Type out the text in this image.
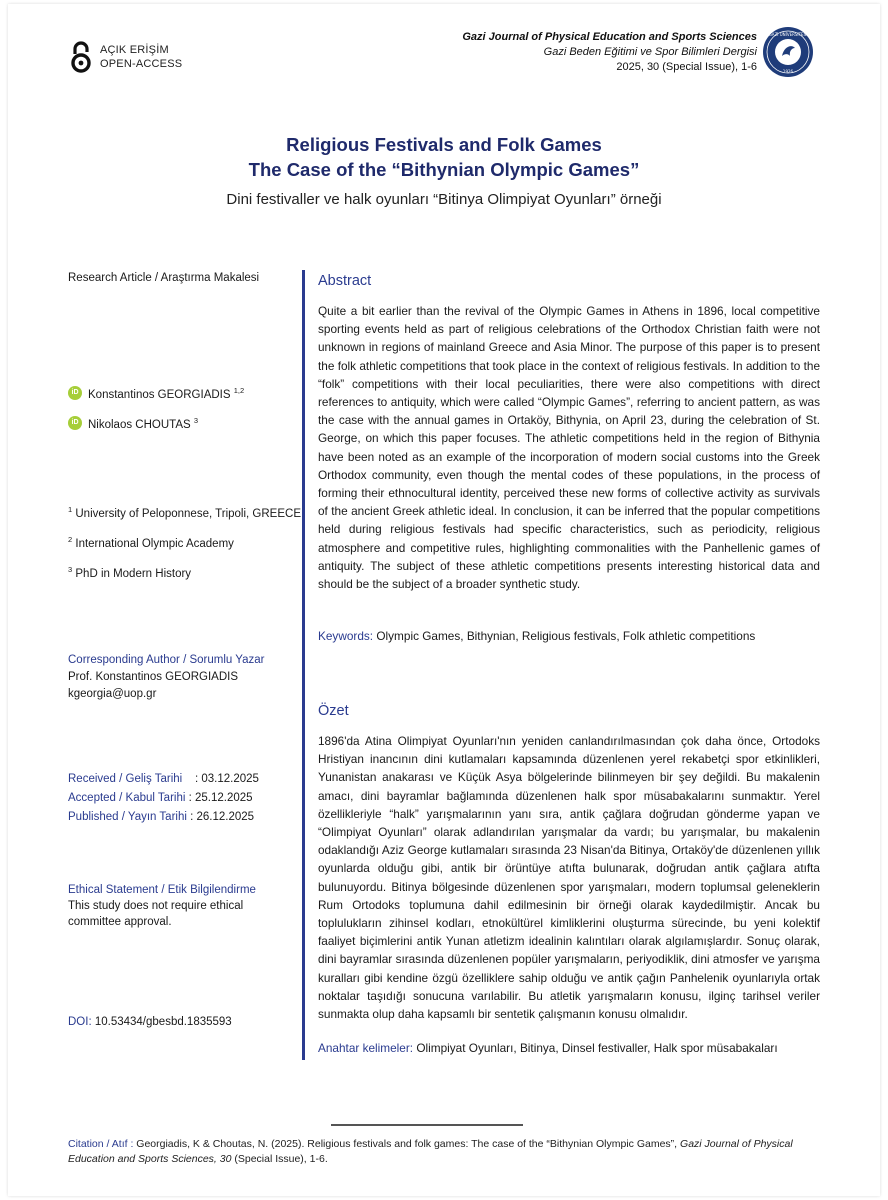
AÇIK ERİŞİM
OPEN-ACCESS
Gazi Journal of Physical Education and Sports Sciences
Gazi Beden Eğitimi ve Spor Bilimleri Dergisi
2025, 30 (Special Issue), 1-6
GAZİ ÜNİVERSİTESİ
1926
Religious Festivals and Folk Games
The Case of the “Bithynian Olympic Games”
Dini festivaller ve halk oyunları “Bitinya Olimpiyat Oyunları” örneği
Research Article / Araştırma Makalesi
iD Konstantinos GEORGIADIS $^{1,2}$
iD Nikolaos CHOUTAS $^3$
$^1$ University of Peloponnese, Tripoli, GREECE
$^2$ International Olympic Academy
$^3$ PhD in Modern History
Corresponding Author / Sorumlu Yazar
Prof. Konstantinos GEORGIADIS
kgeorgia@uop.gr
Received / Geliş Tarihi
: 03.12.2025
Accepted / Kabul Tarihi
: 25.12.2025
Published / Yayın Tarihi
: 26.12.2025
Ethical Statement / Etik Bilgilendirme
This study does not require ethical committee approval.
DOI: 10.53434/gbesbd.1835593
Abstract

Quite a bit earlier than the revival of the Olympic Games in Athens in 1896, local competitive sporting events held as part of religious celebrations of the Orthodox Christian faith were not unknown in regions of mainland Greece and Asia Minor. The purpose of this paper is to present the folk athletic competitions that took place in the context of religious festivals. In addition to the “folk” competitions with their local peculiarities, there were also competitions with direct references to antiquity, which were called “Olympic Games”, referring to ancient pattern, as was the case with the annual games in Ortaköy, Bithynia, on April 23, during the celebration of St. George, on which this paper focuses. The athletic competitions held in the region of Bithynia have been noted as an example of the incorporation of modern social customs into the Greek Orthodox community, even though the mental codes of these populations, in the process of forming their ethnocultural identity, perceived these new forms of collective activity as survivals of the ancient Greek athletic ideal. In conclusion, it can be inferred that the popular competitions held during religious festivals had specific characteristics, such as periodicity, religious atmosphere and competitive rules, highlighting commonalities with the Panhellenic games of antiquity. The subject of these athletic competitions presents interesting historical data and should be the subject of a broader synthetic study.

Keywords: Olympic Games, Bithynian, Religious festivals, Folk athletic competitions
Özet

1896'da Atina Olimpiyat Oyunları'nın yeniden canlandırılmasından çok daha önce, Ortodoks Hristiyan inancının dini kutlamaları kapsamında düzenlenen yerel rekabetçi spor etkinlikleri, Yunanistan anakarası ve Küçük Asya bölgelerinde bilinmeyen bir şey değildi. Bu makalenin amacı, dini bayramlar bağlamında düzenlenen halk spor müsabakalarını sunmaktır. Yerel özellikleriyle “halk” yarışmalarının yanı sıra, antik çağlara doğrudan gönderme yapan ve “Olimpiyat Oyunları” olarak adlandırılan yarışmalar da vardı; bu yarışmalar, bu makalenin odaklandığı Aziz George kutlamaları sırasında 23 Nisan'da Bitinya, Ortaköy'de düzenlenen yıllık oyunlarda olduğu gibi, antik bir örüntüye atıfta bulunarak, doğrudan antik çağlara atıfta bulunuyordu. Bitinya bölgesinde düzenlenen spor yarışmaları, modern toplumsal geleneklerin Rum Ortodoks toplumuna dahil edilmesinin bir örneği olarak kaydedilmiştir. Ancak bu toplulukların zihinsel kodları, etnokültürel kimliklerini oluşturma sürecinde, bu yeni kolektif faaliyet biçimlerini antik Yunan atletizm idealinin kalıntıları olarak algılamışlardır. Sonuç olarak, dini bayramlar sırasında düzenlenen popüler yarışmaların, periyodiklik, dini atmosfer ve yarışma kuralları gibi kendine özgü özelliklere sahip olduğu ve antik çağın Panhelenik oyunlarıyla ortak noktalar taşıdığı sonucuna varılabilir. Bu atletik yarışmaların konusu, ilginç tarihsel veriler sunmakta olup daha kapsamlı bir sentetik çalışmanın konusu olmalıdır.

Anahtar kelimeler: Olimpiyat Oyunları, Bitinya, Dinsel festivaller, Halk spor müsabakaları
Citation / Atıf : Georgiadis, K & Choutas, N. (2025). Religious festivals and folk games: The case of the “Bithynian Olympic Games”, Gazi Journal of Physical Education and Sports Sciences, 30 (Special Issue), 1-6.
